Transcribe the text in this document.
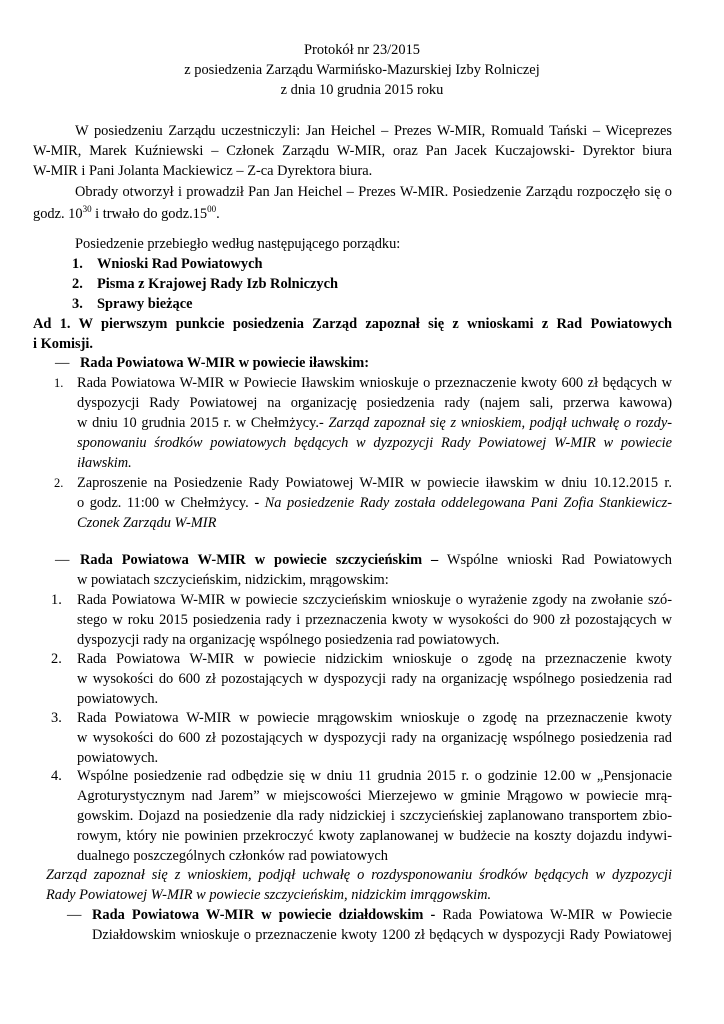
Protokół nr 23/2015
z posiedzenia Zarządu Warmińsko-Mazurskiej Izby Rolniczej
z dnia 10 grudnia 2015 roku
W posiedzeniu Zarządu uczestniczyli: Jan Heichel – Prezes W-MIR, Romuald Tański – Wiceprezes
W-MIR, Marek Kuźniewski – Członek Zarządu W-MIR, oraz Pan Jacek Kuczajowski- Dyrektor biura
W-MIR i Pani Jolanta Mackiewicz – Z-ca Dyrektora biura.
Obrady otworzył i prowadził Pan Jan Heichel – Prezes W-MIR. Posiedzenie Zarządu rozpoczęło się o
godz. $10^{30}$ i trwało do $godz.15^{00}$.
Posiedzenie przebiegło według następującego porządku:
1. Wnioski Rad Powiatowych
2. Pisma z Krajowej Rady Izb Rolniczych
3. Sprawy bieżące
Ad 1. W pierwszym punkcie posiedzenia Zarząd zapoznał się z wnioskami z Rad Powiatowych
i Komisji.
— Rada Powiatowa W-MIR w powiecie iławskim:
1. Rada Powiatowa W-MIR w Powiecie Iławskim wnioskuje o przeznaczenie kwoty 600 zł będących w
dyspozycji Rady Powiatowej na organizację posiedzenia rady (najem sali, przerwa kawowa)
w dniu 10 grudnia 2015 r. w Chełmżycy.- Zarząd zapoznał się z wnioskiem, podjął uchwałę o rozdy-
sponowaniu środków powiatowych będących w dyzpozycji Rady Powiatowej W-MIR w powiecie
iławskim.
2. Zaproszenie na Posiedzenie Rady Powiatowej W-MIR w powiecie iławskim w dniu 10.12.2015 r.
o godz. 11:00 w Chełmżycy. - Na posiedzenie Rady została oddelegowana Pani Zofia Stankiewicz-
Czonek Zarządu W-MIR
— Rada Powiatowa W-MIR w powiecie szczycieńskim – Wspólne wnioski Rad Powiatowych
w powiatach szczycieńskim, nidzickim, mrągowskim:
1. Rada Powiatowa W-MIR w powiecie szczycieńskim wnioskuje o wyrażenie zgody na zwołanie szó-
stego w roku 2015 posiedzenia rady i przeznaczenia kwoty w wysokości do 900 zł pozostających w
dyspozycji rady na organizację wspólnego posiedzenia rad powiatowych.
2. Rada Powiatowa W-MIR w powiecie nidzickim wnioskuje o zgodę na przeznaczenie kwoty
w wysokości do 600 zł pozostających w dyspozycji rady na organizację wspólnego posiedzenia rad
powiatowych.
3. Rada Powiatowa W-MIR w powiecie mrągowskim wnioskuje o zgodę na przeznaczenie kwoty
w wysokości do 600 zł pozostających w dyspozycji rady na organizację wspólnego posiedzenia rad
powiatowych.
4. Wspólne posiedzenie rad odbędzie się w dniu 11 grudnia 2015 r. o godzinie 12.00 w „Pensjonacie
Agroturystycznym nad Jarem” w miejscowości Mierzejewo w gminie Mrągowo w powiecie mrą-
gowskim. Dojazd na posiedzenie dla rady nidzickiej i szczycieńskiej zaplanowano transportem zbio-
rowym, który nie powinien przekroczyć kwoty zaplanowanej w budżecie na koszty dojazdu indywi-
dualnego poszczególnych członków rad powiatowych
Zarząd zapoznał się z wnioskiem, podjął uchwałę o rozdysponowaniu środków będących w dyzpozycji
Rady Powiatowej W-MIR w powiecie szczycieńskim, nidzickim imrągowskim.
— Rada Powiatowa W-MIR w powiecie działdowskim - Rada Powiatowa W-MIR w Powiecie
Działdowskim wnioskuje o przeznaczenie kwoty 1200 zł będących w dyspozycji Rady Powiatowej
